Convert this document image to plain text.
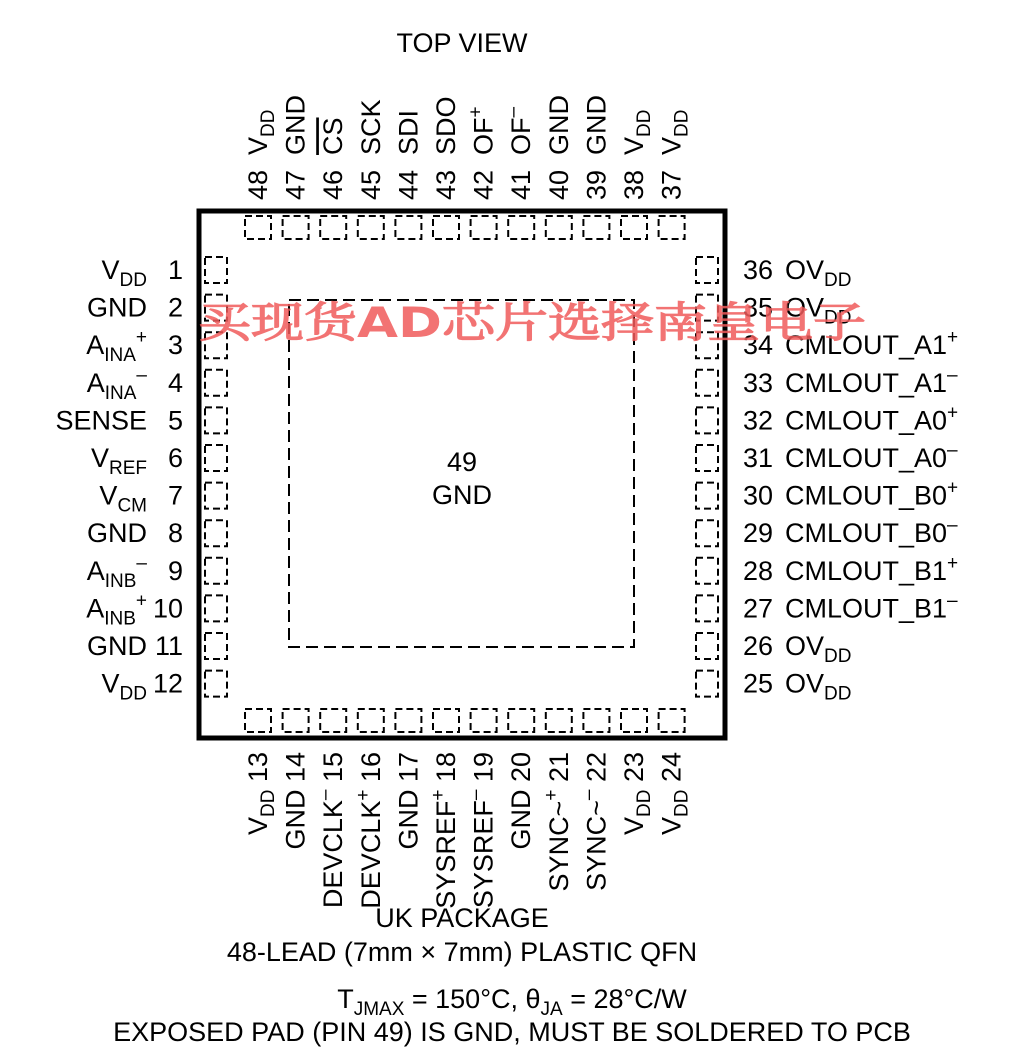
TOP VIEW
49
GND
1
$V_{DD}$
2
GND
3
$A_{INA}^+$
4
$A_{INA}^-$
5
SENSE
6
$V_{REF}$
7
$V_{CM}$
8
GND
9
$A_{INB}^-$
10
$A_{INB}^+$
11
GND
12
$V_{DD}$
36 $OV_{DD}$
35 $OV_{DD}$
34 CMLOUT_A1+
33 CMLOUT_A1–
32 CMLOUT_A0+
31 CMLOUT_A0–
30 CMLOUT_B0+
29 CMLOUT_B0–
28 CMLOUT_B1+
27 CMLOUT_B1–
26 $OV_{DD}$
25 $OV_{DD}$
48
$V_{DD}$
47
GND
46
CS
45
SCK
44
SDI
43
SDO
42
OF+
41
OF–
40
GND
39
GND
38
$V_{DD}$
37
$V_{DD}$
$V_{DD}$ 13
GND 14
DEVCLK– 15
DEVCLK+ 16
GND 17
SYSREF+ 18
SYSREF– 19
GND 20
SYNC~+ 21
SYNC~– 22
$V_{DD}$ 23
$V_{DD}$ 24
UK PACKAGE
48-LEAD (7mm × 7mm) PLASTIC QFN
$T_{JMAX} = 150^\circ C$, $\theta_{JA} = 28^\circ C/W$
EXPOSED PAD (PIN 49) IS GND, MUST BE SOLDERED TO PCB
买现货AD芯片选择南皇电子
